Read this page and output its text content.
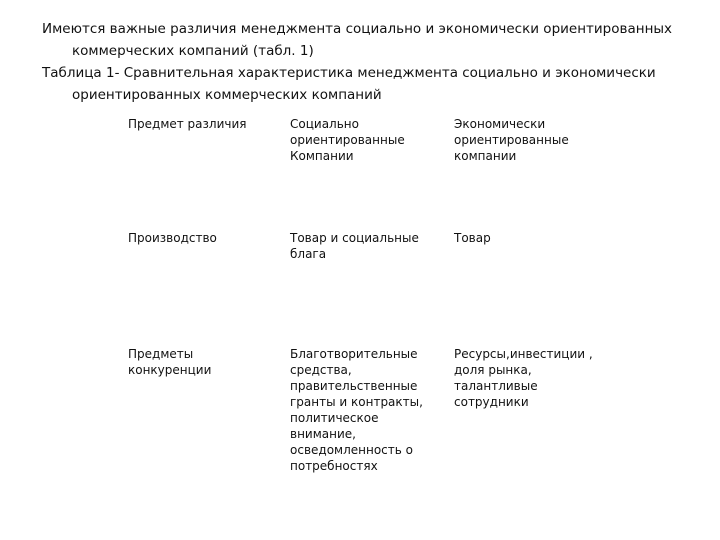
Имеются важные различия менеджмента социально и экономически ориентированных коммерческих компаний (табл. 1)

Таблица 1- Сравнительная характеристика менеджмента социально и экономически ориентированных коммерческих компаний

Предмет различия	Социально ориентированные Компании	Экономически ориентированные компании
Производство	Товар и социальные блага	Товар
Предметы конкуренции	Благотворительные средства, правительственные гранты и контракты, политическое внимание, осведомленность о потребностях	Ресурсы,инвестиции , доля рынка, талантливые сотрудники
